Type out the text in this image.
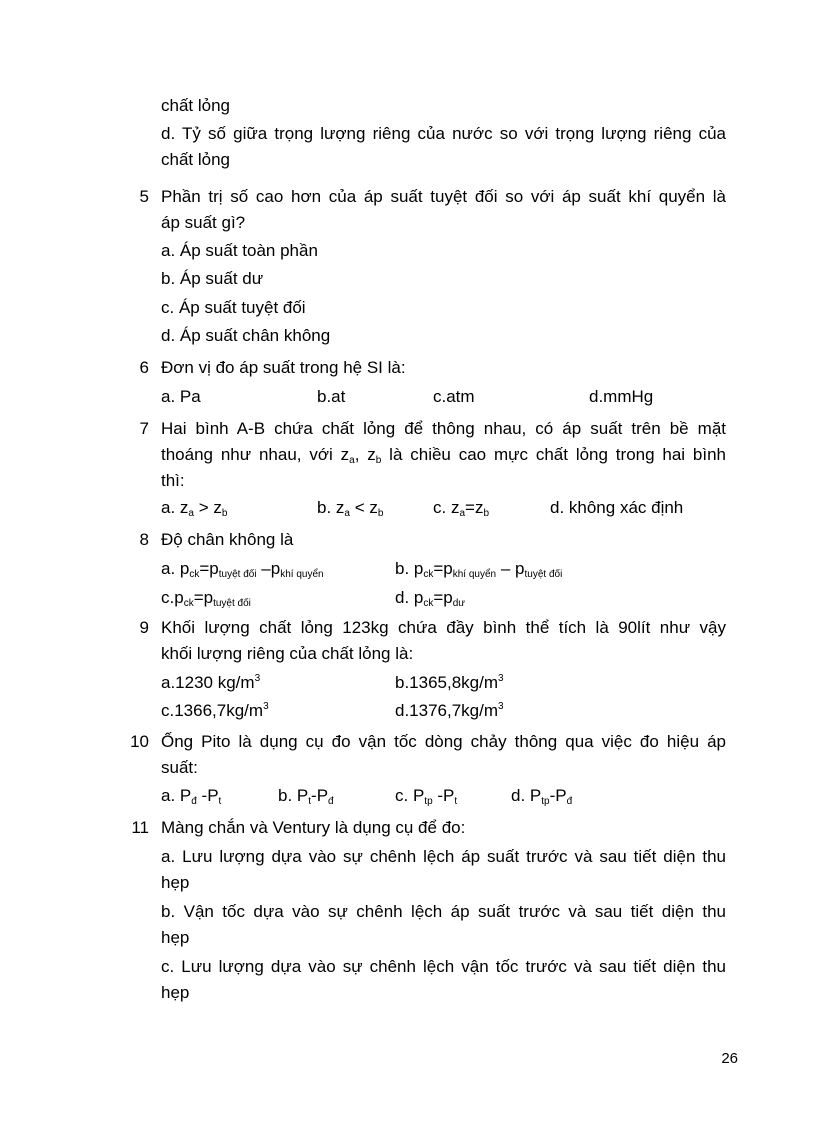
chất lỏng
d. Tỷ số giữa trọng lượng riêng của nước so với trọng lượng riêng của
chất lỏng
5 Phần trị số cao hơn của áp suất tuyệt đối so với áp suất khí quyển là
áp suất gì?
a. Áp suất toàn phần
b. Áp suất dư
c. Áp suất tuyệt đối
d. Áp suất chân không
6 Đơn vị đo áp suất trong hệ SI là:
a. Pa	b.at	c.atm	d.mmHg
7 Hai bình A-B chứa chất lỏng để thông nhau, có áp suất trên bề mặt
thoáng như nhau, với $z_a$, $z_b$ là chiều cao mực chất lỏng trong hai bình
thì:
a. $z_a > z_b$	b. $z_a < z_b$	c. $z_a=z_b$	d. không xác định
8 Độ chân không là
a. $p_{ck}=p_{tuyệt đối}$ $-p_{khí quyển}$	b. $p_{ck}=p_{khí quyển} - p_{tuyệt đối}$
$c.p_{ck}=p_{tuyệt đối}$	d. $p_{ck}=p_{dư}$
9 Khối lượng chất lỏng 123kg chứa đầy bình thể tích là 90lít như vậy
khối lượng riêng của chất lỏng là:
a.1230 $kg/m^3$	$b.1365,8kg/m^3$
$c.1366,7kg/m^3$	$d.1376,7kg/m^3$
10 Ống Pito là dụng cụ đo vận tốc dòng chảy thông qua việc đo hiệu áp
suất:
a. $P_đ$ $-P_t$	b. $P_t-P_đ$	c. $P_{tp}$ $-P_t$	d. $P_{tp}-P_đ$
11 Màng chắn và Ventury là dụng cụ để đo:
a. Lưu lượng dựa vào sự chênh lệch áp suất trước và sau tiết diện thu
hẹp
b. Vận tốc dựa vào sự chênh lệch áp suất trước và sau tiết diện thu
hẹp
c. Lưu lượng dựa vào sự chênh lệch vận tốc trước và sau tiết diện thu
hẹp
26
